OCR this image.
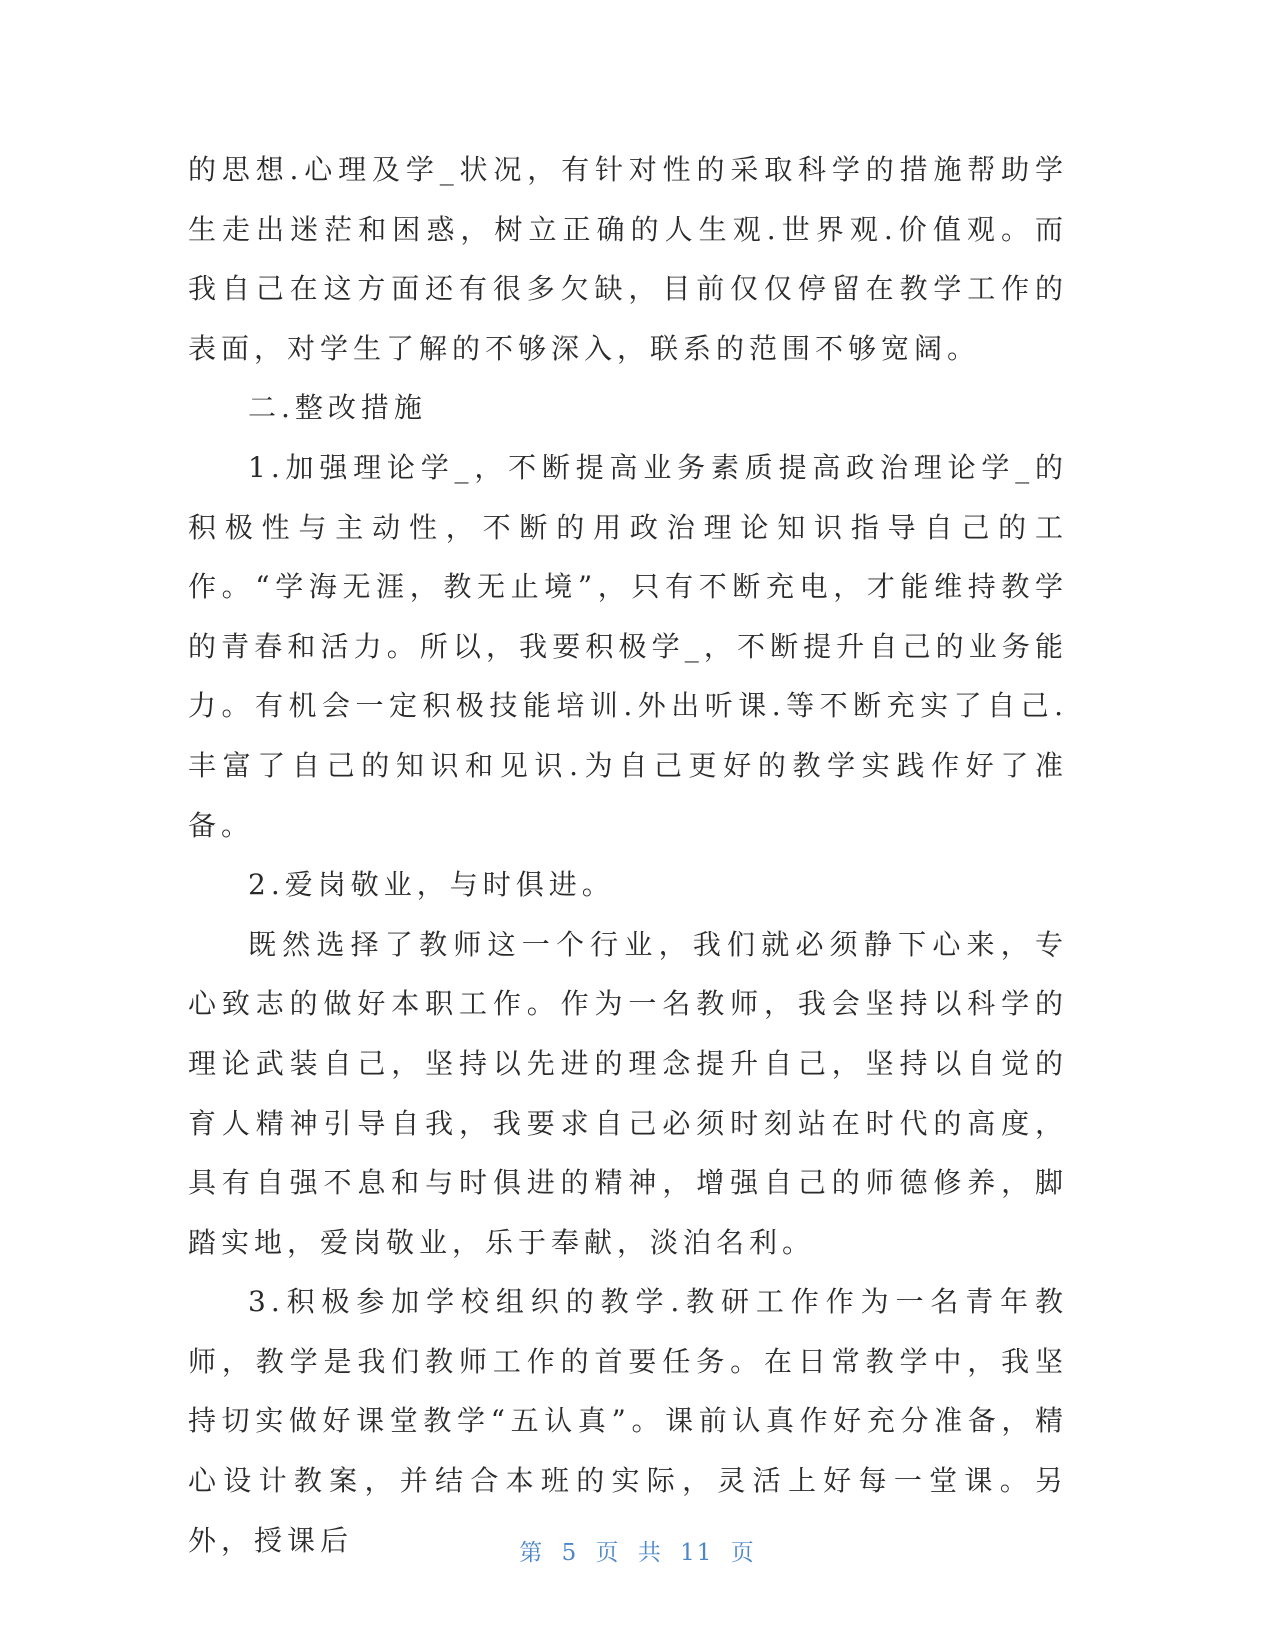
的思想.心理及学_状况，有针对性的采取科学的措施帮助学生走出迷茫和困惑，树立正确的人生观.世界观.价值观。而我自己在这方面还有很多欠缺，目前仅仅停留在教学工作的表面，对学生了解的不够深入，联系的范围不够宽阔。

二.整改措施

1.加强理论学_，不断提高业务素质提高政治理论学_的积极性与主动性，不断的用政治理论知识指导自己的工作。“学海无涯，教无止境”，只有不断充电，才能维持教学的青春和活力。所以，我要积极学_，不断提升自己的业务能力。有机会一定积极技能培训.外出听课.等不断充实了自己.丰富了自己的知识和见识.为自己更好的教学实践作好了准备。

2.爱岗敬业，与时俱进。

既然选择了教师这一个行业，我们就必须静下心来，专心致志的做好本职工作。作为一名教师，我会坚持以科学的理论武装自己，坚持以先进的理念提升自己，坚持以自觉的育人精神引导自我，我要求自己必须时刻站在时代的高度，具有自强不息和与时俱进的精神，增强自己的师德修养，脚踏实地，爱岗敬业，乐于奉献，淡泊名利。

3.积极参加学校组织的教学.教研工作作为一名青年教师，教学是我们教师工作的首要任务。在日常教学中，我坚持切实做好课堂教学“五认真”。课前认真作好充分准备，精心设计教案，并结合本班的实际，灵活上好每一堂课。另外，授课后	第 5 页 共 11 页
